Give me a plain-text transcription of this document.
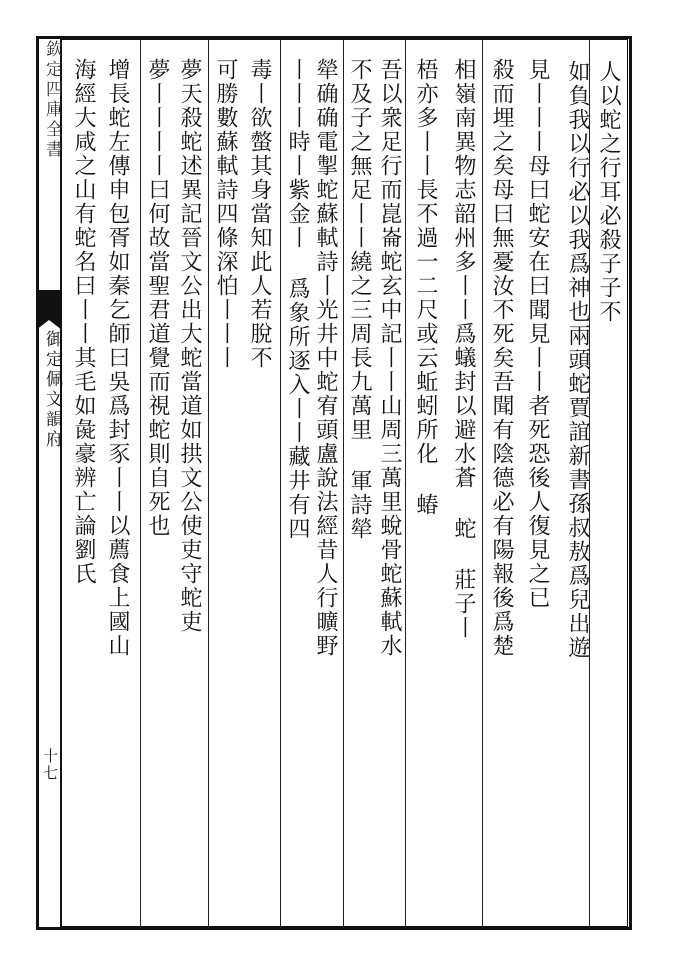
欽定四庫全書
御定佩文韻府
十七
人以蛇之行耳必殺子子不
如負我以行必以我爲神也兩頭蛇賈誼新書孫叔敖爲兒出遊
見丨丨丨母曰蛇安在曰聞見丨丨者死恐後人復見之已
殺而埋之矣母曰無憂汝不死矣吾聞有陰德必有陽報後爲楚
相嶺南異物志韶州多丨丨爲蟻封以避水蒼 蛇 莊子丨
梧亦多丨丨長不過一二尺或云蚯蚓所化 蝽
吾以衆足行而崑崙蛇玄中記丨丨山周三萬里蛻骨蛇蘇軾水
不及子之無足丨丨繞之三周長九萬里 軍詩犖
犖确确電掣蛇蘇軾詩丨光井中蛇宥頭盧說法經昔人行曠野
丨丨丨時丨紫金丨 爲象所逐入丨丨藏井有四
毒丨欲螫其身當知此人若脫不
可勝數蘇軾詩四條深怕丨丨丨
夢天殺蛇述異記晉文公出大蛇當道如拱文公使吏守蛇吏
夢丨丨丨丨曰何故當聖君道覺而視蛇則自死也
增長蛇左傳申包胥如秦乞師曰吳爲封豕丨丨以薦食上國山
海經大咸之山有蛇名曰丨丨其毛如彘豪辨亡論劉氏
